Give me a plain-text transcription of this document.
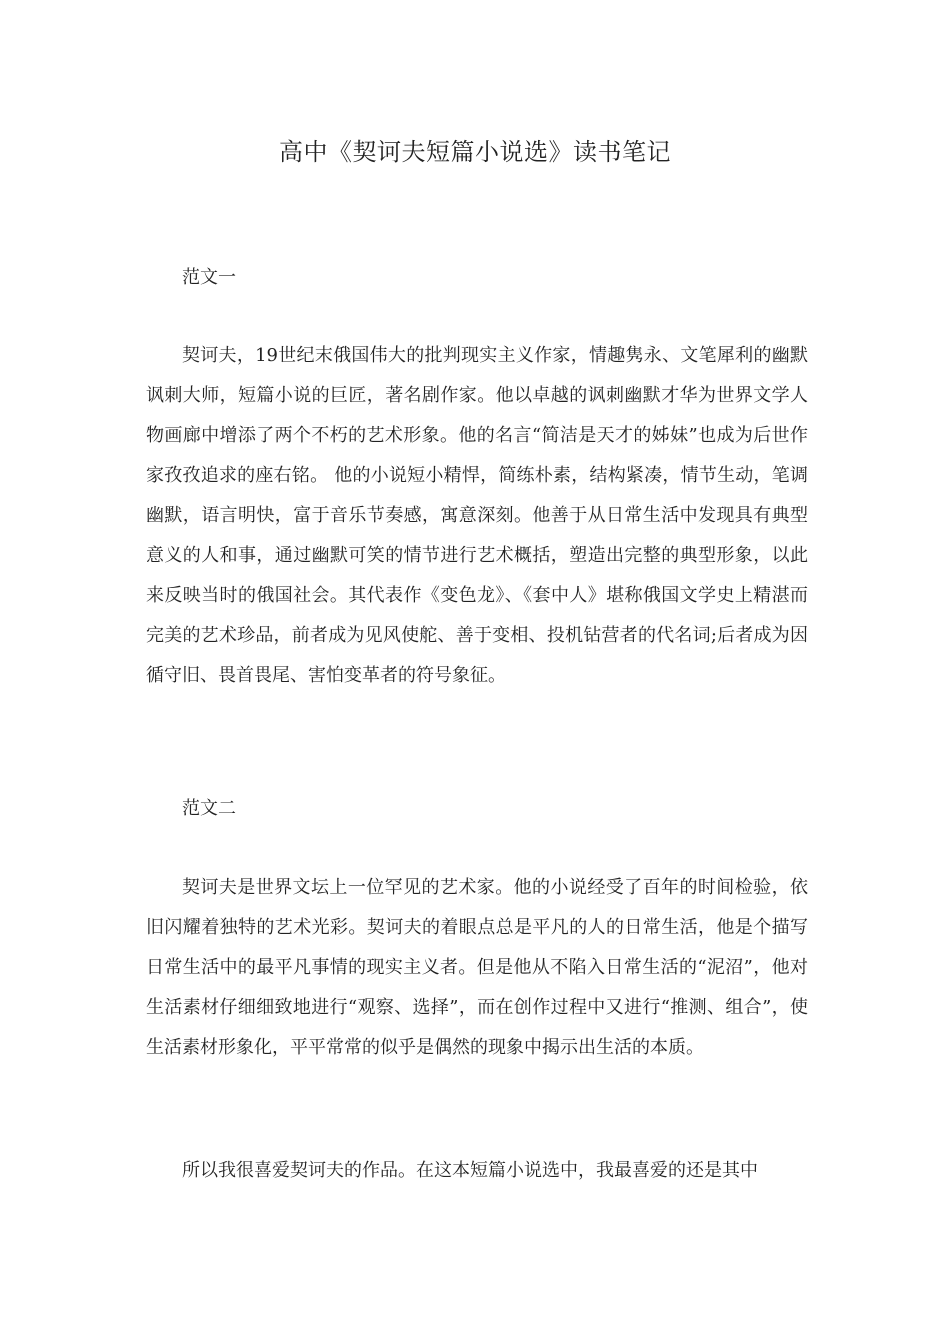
高中《契诃夫短篇小说选》读书笔记
范文一
契诃夫，19世纪末俄国伟大的批判现实主义作家，情趣隽永、文笔犀利的幽默讽刺大师，短篇小说的巨匠，著名剧作家。他以卓越的讽刺幽默才华为世界文学人物画廊中增添了两个不朽的艺术形象。他的名言“简洁是天才的姊妹”也成为后世作家孜孜追求的座右铭。 他的小说短小精悍，简练朴素，结构紧凑，情节生动，笔调幽默，语言明快，富于音乐节奏感，寓意深刻。他善于从日常生活中发现具有典型意义的人和事，通过幽默可笑的情节进行艺术概括，塑造出完整的典型形象，以此来反映当时的俄国社会。其代表作《变色龙》、《套中人》堪称俄国文学史上精湛而完美的艺术珍品，前者成为见风使舵、善于变相、投机钻营者的代名词;后者成为因循守旧、畏首畏尾、害怕变革者的符号象征。
范文二
契诃夫是世界文坛上一位罕见的艺术家。他的小说经受了百年的时间检验，依旧闪耀着独特的艺术光彩。契诃夫的着眼点总是平凡的人的日常生活，他是个描写日常生活中的最平凡事情的现实主义者。但是他从不陷入日常生活的“泥沼”，他对生活素材仔细细致地进行“观察、选择”，而在创作过程中又进行“推测、组合”，使生活素材形象化，平平常常的似乎是偶然的现象中揭示出生活的本质。
所以我很喜爱契诃夫的作品。在这本短篇小说选中，我最喜爱的还是其中
